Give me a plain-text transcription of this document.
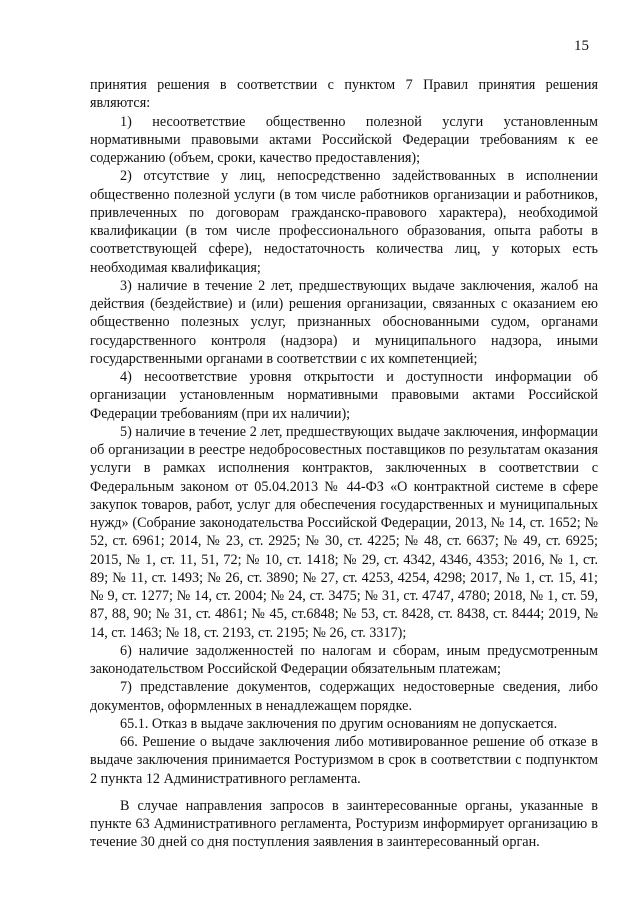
15

принятия решения в соответствии с пунктом 7 Правил принятия решения являются:

1) несоответствие общественно полезной услуги установленным нормативными правовыми актами Российской Федерации требованиям к ее содержанию (объем, сроки, качество предоставления);

2) отсутствие у лиц, непосредственно задействованных в исполнении общественно полезной услуги (в том числе работников организации и работников, привлеченных по договорам гражданско-правового характера), необходимой квалификации (в том числе профессионального образования, опыта работы в соответствующей сфере), недостаточность количества лиц, у которых есть необходимая квалификация;

3) наличие в течение 2 лет, предшествующих выдаче заключения, жалоб на действия (бездействие) и (или) решения организации, связанных с оказанием ею общественно полезных услуг, признанных обоснованными судом, органами государственного контроля (надзора) и муниципального надзора, иными государственными органами в соответствии с их компетенцией;

4) несоответствие уровня открытости и доступности информации об организации установленным нормативными правовыми актами Российской Федерации требованиям (при их наличии);

5) наличие в течение 2 лет, предшествующих выдаче заключения, информации об организации в реестре недобросовестных поставщиков по результатам оказания услуги в рамках исполнения контрактов, заключенных в соответствии с Федеральным законом от 05.04.2013 № 44-ФЗ «О контрактной системе в сфере закупок товаров, работ, услуг для обеспечения государственных и муниципальных нужд» (Собрание законодательства Российской Федерации, 2013, № 14, ст. 1652; № 52, ст. 6961; 2014, № 23, ст. 2925; № 30, ст. 4225; № 48, ст. 6637; № 49, ст. 6925; 2015, № 1, ст. 11, 51, 72; № 10, ст. 1418; № 29, ст. 4342, 4346, 4353; 2016, № 1, ст. 89; № 11, ст. 1493; № 26, ст. 3890; № 27, ст. 4253, 4254, 4298; 2017, № 1, ст. 15, 41; № 9, ст. 1277; № 14, ст. 2004; № 24, ст. 3475; № 31, ст. 4747, 4780; 2018, № 1, ст. 59, 87, 88, 90; № 31, ст. 4861; № 45, ст.6848; № 53, ст. 8428, ст. 8438, ст. 8444; 2019, № 14, ст. 1463; № 18, ст. 2193, ст. 2195; № 26, ст. 3317);

6) наличие задолженностей по налогам и сборам, иным предусмотренным законодательством Российской Федерации обязательным платежам;

7) представление документов, содержащих недостоверные сведения, либо документов, оформленных в ненадлежащем порядке.

65.1. Отказ в выдаче заключения по другим основаниям не допускается.

66. Решение о выдаче заключения либо мотивированное решение об отказе в выдаче заключения принимается Ростуризмом в срок в соответствии с подпунктом 2 пункта 12 Административного регламента.

В случае направления запросов в заинтересованные органы, указанные в пункте 63 Административного регламента, Ростуризм информирует организацию в течение 30 дней со дня поступления заявления в заинтересованный орган.
